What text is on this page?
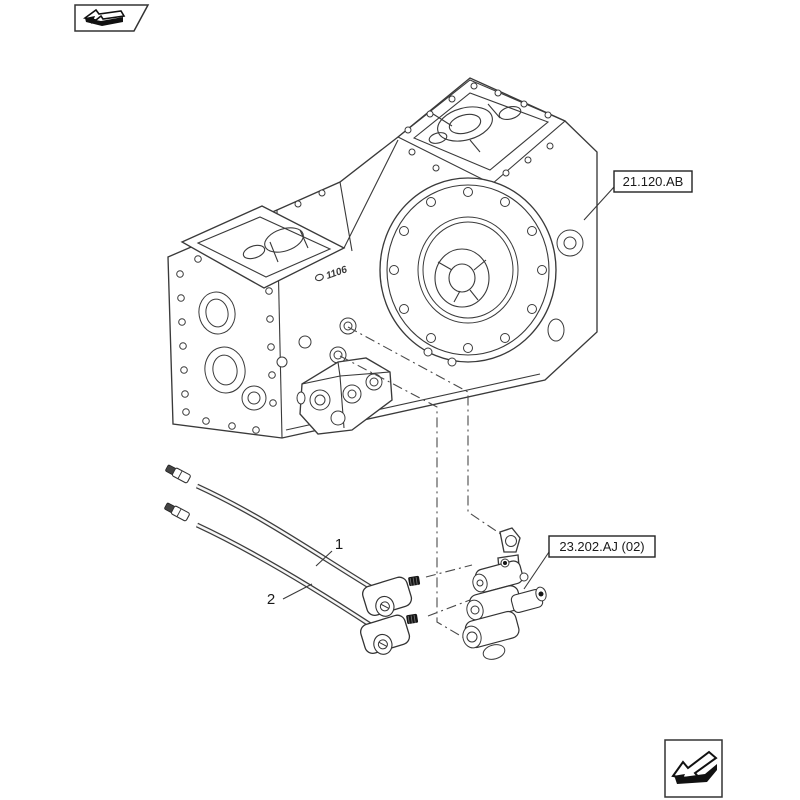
1106
1
2
21.120.AB
23.202.AJ (02)
